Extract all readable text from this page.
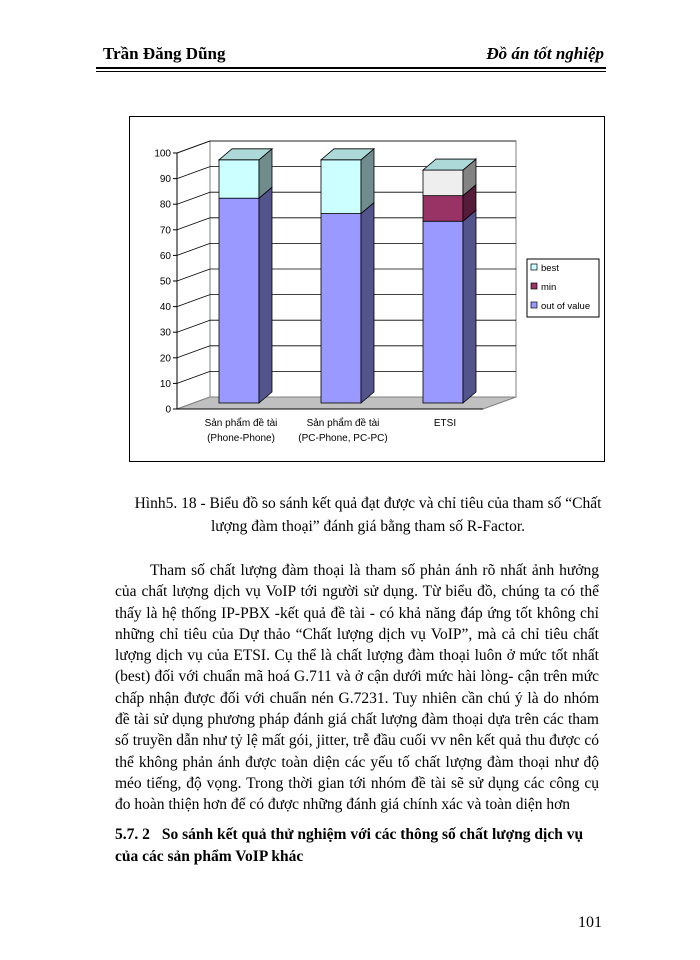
Trần Đăng Dũng	Đồ án tốt nghiệp
0
10
20
30
40
50
60
70
80
90
100
Sản phẩm đề tài
(Phone-Phone)
Sản phẩm đề tài
(PC-Phone, PC-PC)
ETSI
best
min
out of value
Hình5. 18 - Biểu đồ so sánh kết quả đạt được và chỉ tiêu của tham số “Chất lượng đàm thoại” đánh giá bằng tham số R-Factor.

Tham số chất lượng đàm thoại là tham số phản ánh rõ nhất ảnh hưởng của chất lượng dịch vụ VoIP tới người sử dụng. Từ biểu đồ, chúng ta có thể thấy là hệ thống IP-PBX -kết quả đề tài - có khả năng đáp ứng tốt không chỉ những chỉ tiêu của Dự thảo “Chất lượng dịch vụ VoIP”, mà cả chỉ tiêu chất lượng dịch vụ của ETSI. Cụ thể là chất lượng đàm thoại luôn ở mức tốt nhất (best) đối với chuẩn mã hoá G.711 và ở cận dưới mức hài lòng- cận trên mức chấp nhận được đối với chuẩn nén G.7231. Tuy nhiên cần chú ý là do nhóm đề tài sử dụng phương pháp đánh giá chất lượng đàm thoại dựa trên các tham số truyền dẫn như tỷ lệ mất gói, jitter, trễ đầu cuối vv nên kết quả thu được có thể không phản ánh được toàn diện các yếu tố chất lượng đàm thoại như độ méo tiếng, độ vọng. Trong thời gian tới nhóm đề tài sẽ sử dụng các công cụ đo hoàn thiện hơn để có được những đánh giá chính xác và toàn diện hơn

5.7. 2 So sánh kết quả thử nghiệm với các thông số chất lượng dịch vụ của các sản phẩm VoIP khác
101
